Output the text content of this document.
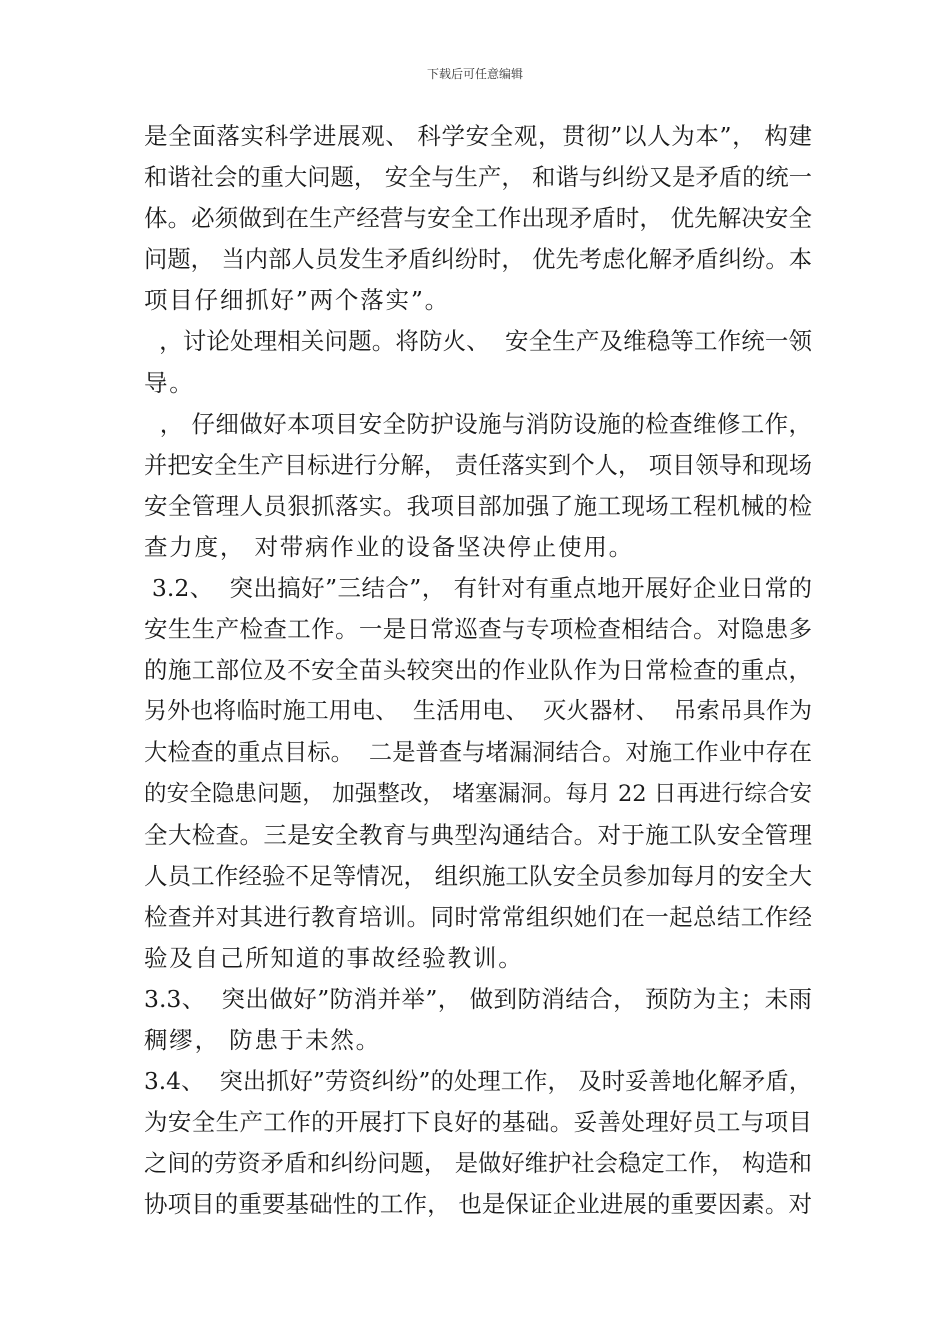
下载后可任意编辑
是全面落实科学进展观、 科学安全观，贯彻”以人为本”， 构建
和谐社会的重大问题， 安全与生产， 和谐与纠纷又是矛盾的统一
体。必须做到在生产经营与安全工作出现矛盾时， 优先解决安全
问题， 当内部人员发生矛盾纠纷时， 优先考虑化解矛盾纠纷。本
项目仔细抓好”两个落实”。
，讨论处理相关问题。将防火、  安全生产及维稳等工作统一领
导。
， 仔细做好本项目安全防护设施与消防设施的检查维修工作，
并把安全生产目标进行分解， 责任落实到个人， 项目领导和现场
安全管理人员狠抓落实。我项目部加强了施工现场工程机械的检
查力度， 对带病作业的设备坚决停止使用。
3.2、  突出搞好”三结合”， 有针对有重点地开展好企业日常的
安生生产检查工作。一是日常巡查与专项检查相结合。对隐患多
的施工部位及不安全苗头较突出的作业队作为日常检查的重点，
另外也将临时施工用电、  生活用电、  灭火器材、  吊索吊具作为
大检查的重点目标。  二是普查与堵漏洞结合。对施工作业中存在
的安全隐患问题， 加强整改， 堵塞漏洞。每月 22 日再进行综合安
全大检查。三是安全教育与典型沟通结合。对于施工队安全管理
人员工作经验不足等情况， 组织施工队安全员参加每月的安全大
检查并对其进行教育培训。同时常常组织她们在一起总结工作经
验及自己所知道的事故经验教训。
3.3、  突出做好”防消并举”， 做到防消结合， 预防为主；未雨
稠缪， 防患于未然。
3.4、  突出抓好”劳资纠纷”的处理工作， 及时妥善地化解矛盾，
为安全生产工作的开展打下良好的基础。妥善处理好员工与项目
之间的劳资矛盾和纠纷问题， 是做好维护社会稳定工作， 构造和
协项目的重要基础性的工作， 也是保证企业进展的重要因素。对
